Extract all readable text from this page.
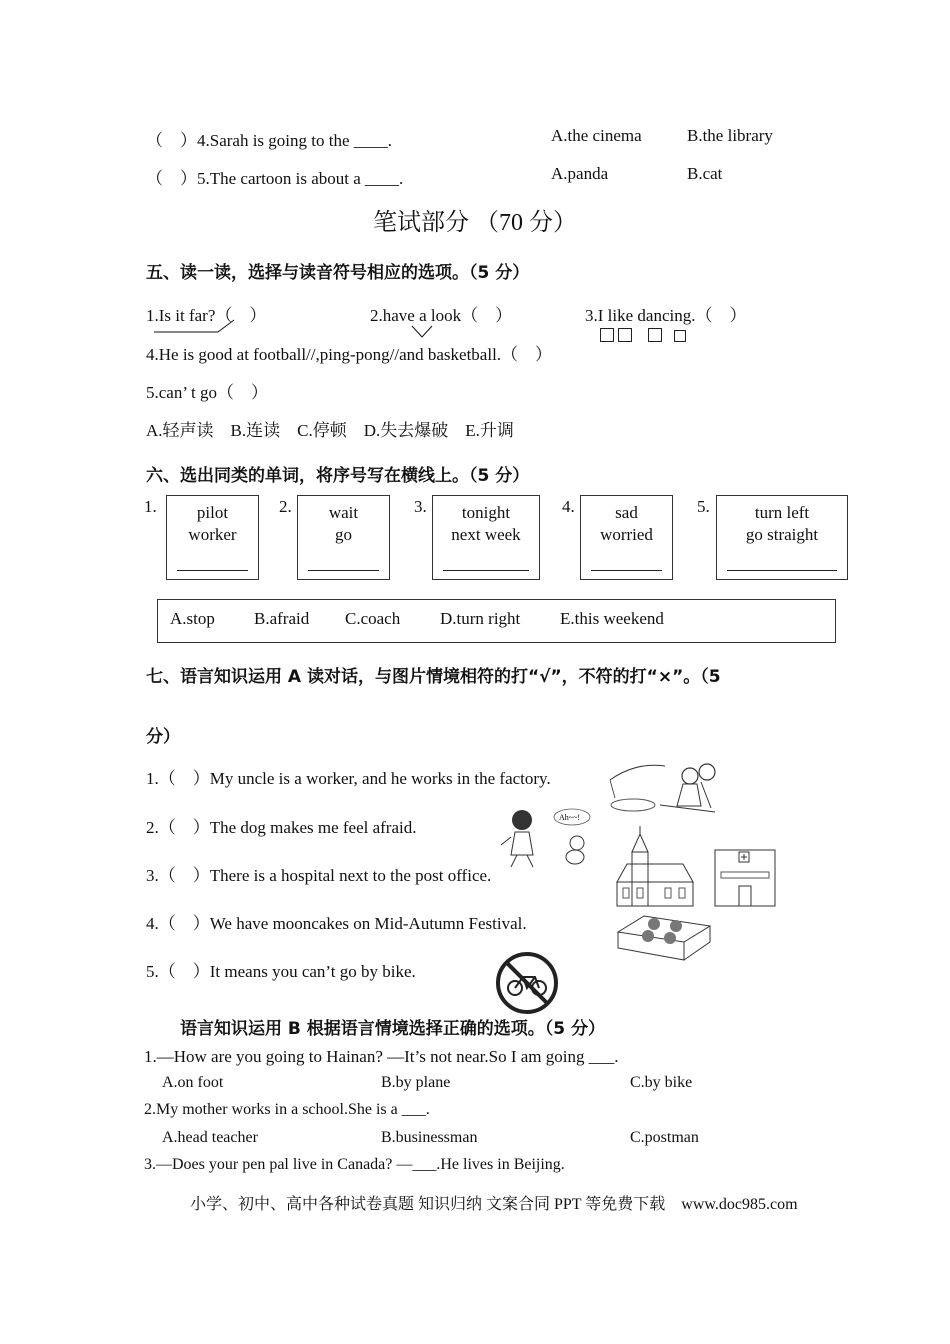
（　）4.Sarah is going to the ____.	A.the cinema	B.the library
（　）5.The cartoon is about a ____.	A.panda	B.cat
笔试部分 （70 分）
五、读一读，选择与读音符号相应的选项。（5 分）
1.Is it far?（　）	2.have a look（　）	3.I like dancing.（　）
4.He is good at football//,ping-pong//and basketball.（　）
5.can’ t go（　）
A.轻声读　B.连读　C.停顿　D.失去爆破　E.升调
六、选出同类的单词，将序号写在横线上。（5 分）
1.	pilot
worker
2.	wait
go
3.	tonight
next week
4.	sad
worried
5.	turn left
go straight
A.stop B.afraid C.coach D.turn right E.this weekend
七、语言知识运用 A 读对话，与图片情境相符的打“√”，不符的打“×”。（5
分）
1.（　）My uncle is a worker, and he works in the factory.
2.（　）The dog makes me feel afraid.
3.（　）There is a hospital next to the post office.
4.（　）We have mooncakes on Mid-Autumn Festival.
5.（　）It means you can’t go by bike.
Ah~~!
语言知识运用 B 根据语言情境选择正确的选项。（5 分）
1.—How are you going to Hainan? —It’s not near.So I am going ___.
A.on foot	B.by plane	C.by bike
2.My mother works in a school.She is a ___.
A.head teacher	B.businessman	C.postman
3.—Does your pen pal live in Canada? —___.He lives in Beijing.
小学、初中、高中各种试卷真题 知识归纳 文案合同 PPT 等免费下载　www.doc985.com
